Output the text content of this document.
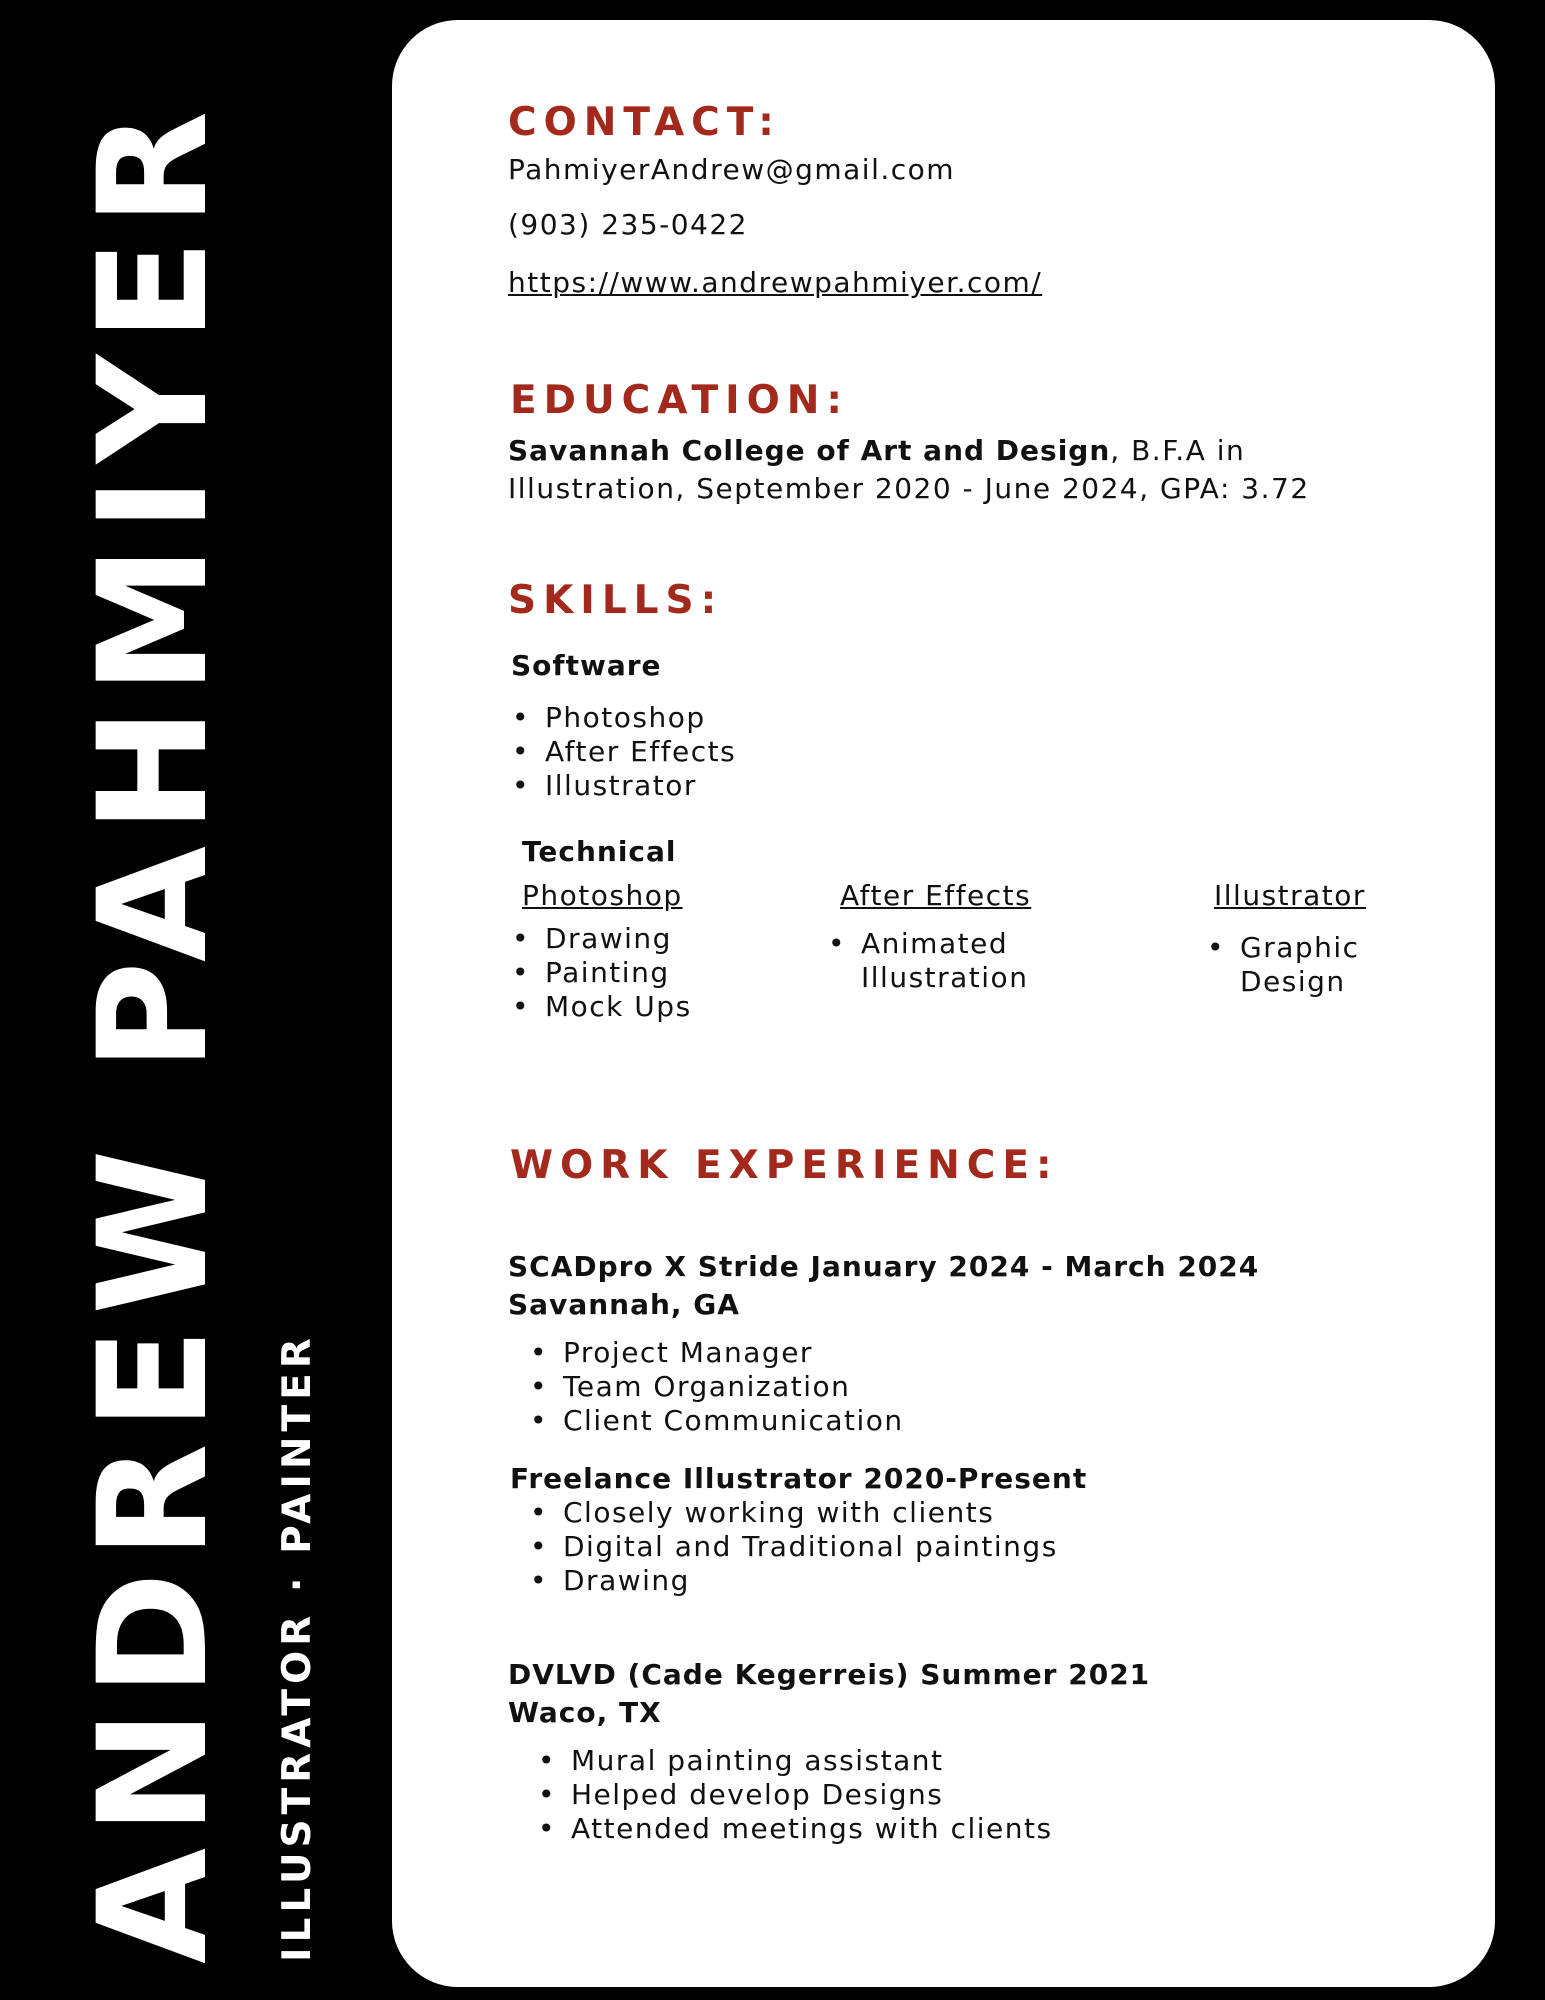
ANDREW PAHMIYER ILLUSTRATOR · PAINTER
CONTACT:
PahmiyerAndrew@gmail.com
(903) 235-0422
https://www.andrewpahmiyer.com/
EDUCATION:
Savannah College of Art and Design, B.F.A in
Illustration, September 2020 - June 2024, GPA: 3.72
SKILLS:
Software
• Photoshop
• After Effects
• Illustrator
Technical
Photoshop
• Drawing
• Painting
• Mock Ups
After Effects
• Animated Illustration
Illustrator
• Graphic Design
WORK EXPERIENCE:
SCADpro X Stride January 2024 - March 2024
Savannah, GA
• Project Manager
• Team Organization
• Client Communication
Freelance Illustrator 2020-Present
• Closely working with clients
• Digital and Traditional paintings
• Drawing
DVLVD (Cade Kegerreis) Summer 2021
Waco, TX
• Mural painting assistant
• Helped develop Designs
• Attended meetings with clients
